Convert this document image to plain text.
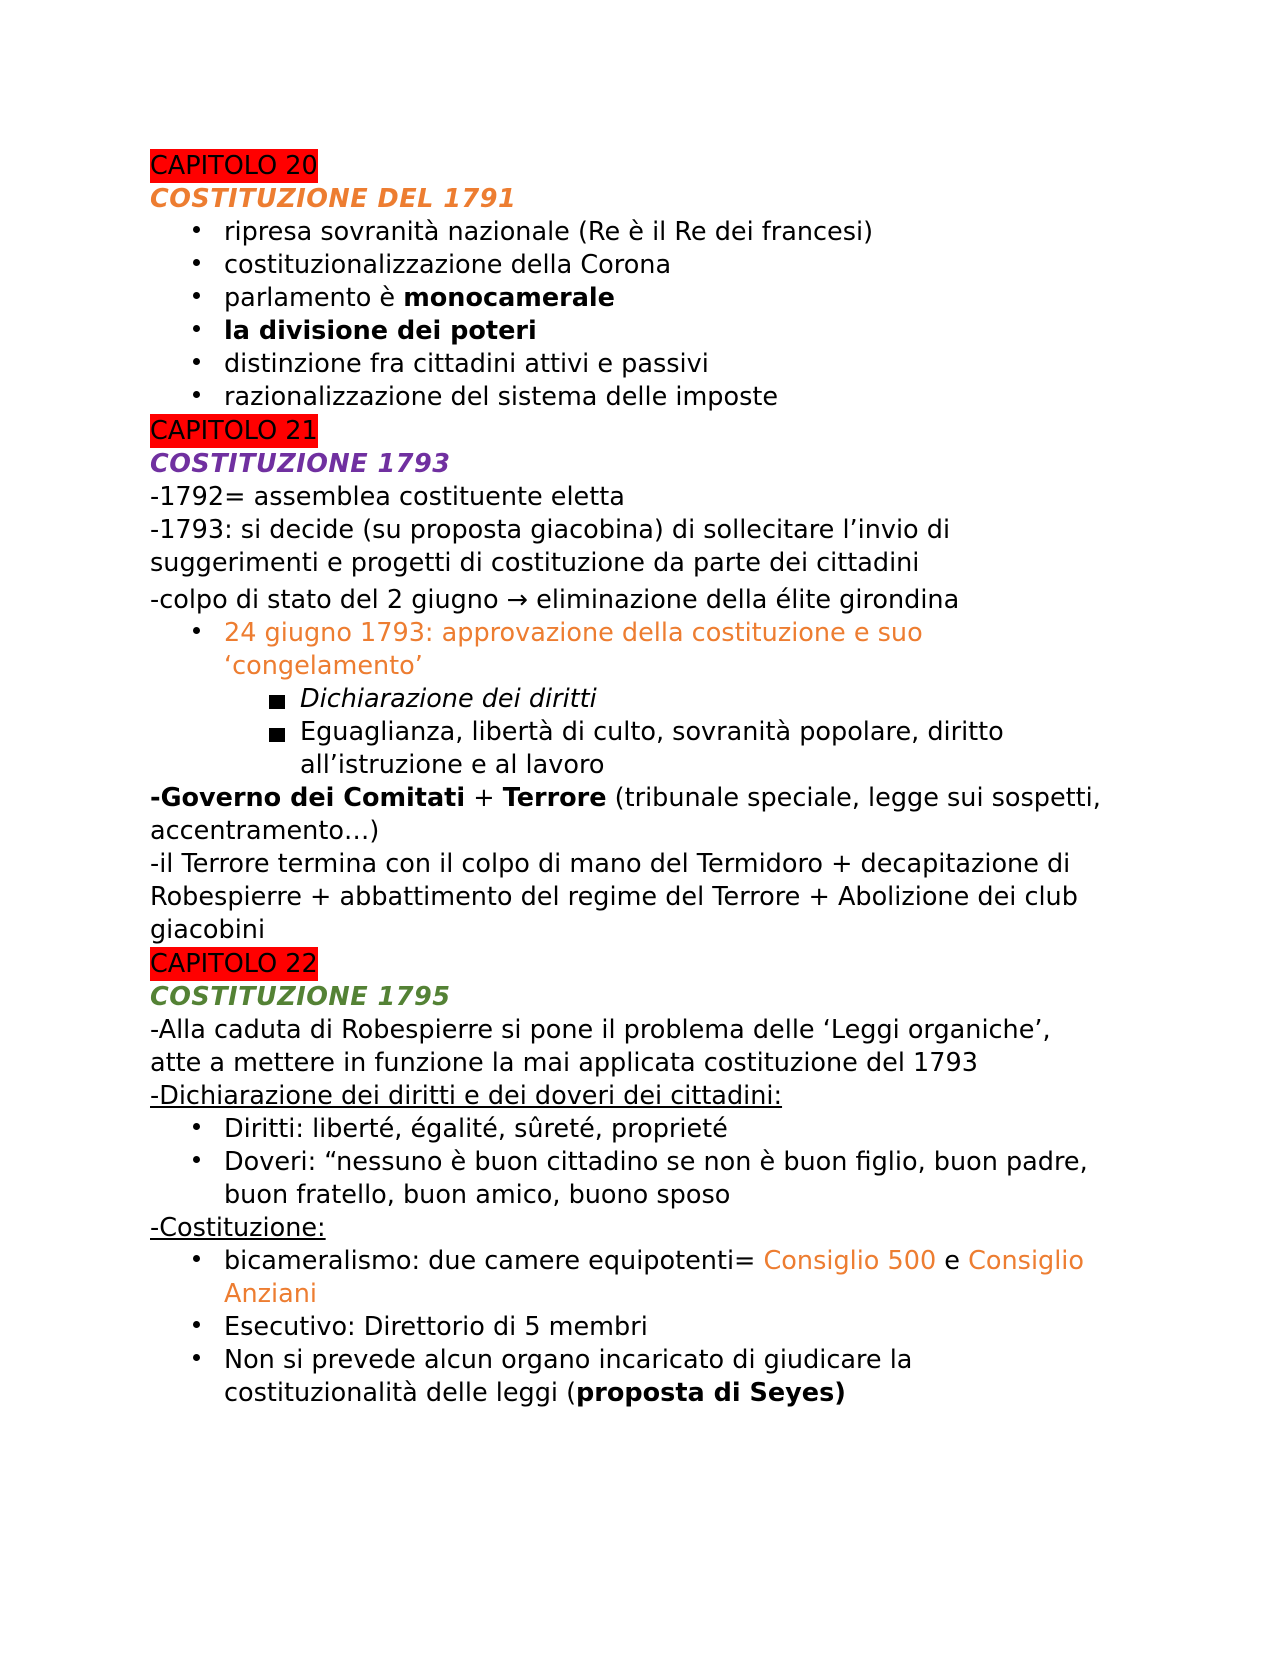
CAPITOLO 20
COSTITUZIONE DEL 1791
ripresa sovranità nazionale (Re è il Re dei francesi)
costituzionalizzazione della Corona
parlamento è monocamerale
la divisione dei poteri
distinzione fra cittadini attivi e passivi
razionalizzazione del sistema delle imposte
CAPITOLO 21
COSTITUZIONE 1793
-1792= assemblea costituente eletta
-1793: si decide (su proposta giacobina) di sollecitare l’invio di
suggerimenti e progetti di costituzione da parte dei cittadini
-colpo di stato del 2 giugno → eliminazione della élite girondina
24 giugno 1793: approvazione della costituzione e suo
‘congelamento’
Dichiarazione dei diritti
Eguaglianza, libertà di culto, sovranità popolare, diritto
all’istruzione e al lavoro
-Governo dei Comitati + Terrore (tribunale speciale, legge sui sospetti,
accentramento…)
-il Terrore termina con il colpo di mano del Termidoro + decapitazione di
Robespierre + abbattimento del regime del Terrore + Abolizione dei club
giacobini
CAPITOLO 22
COSTITUZIONE 1795
-Alla caduta di Robespierre si pone il problema delle ‘Leggi organiche’,
atte a mettere in funzione la mai applicata costituzione del 1793
-Dichiarazione dei diritti e dei doveri dei cittadini:
Diritti: liberté, égalité, sûreté, proprieté
Doveri: “nessuno è buon cittadino se non è buon figlio, buon padre,
buon fratello, buon amico, buono sposo
-Costituzione:
bicameralismo: due camere equipotenti= Consiglio 500 e Consiglio
Anziani
Esecutivo: Direttorio di 5 membri
Non si prevede alcun organo incaricato di giudicare la
costituzionalità delle leggi (proposta di Seyes)
